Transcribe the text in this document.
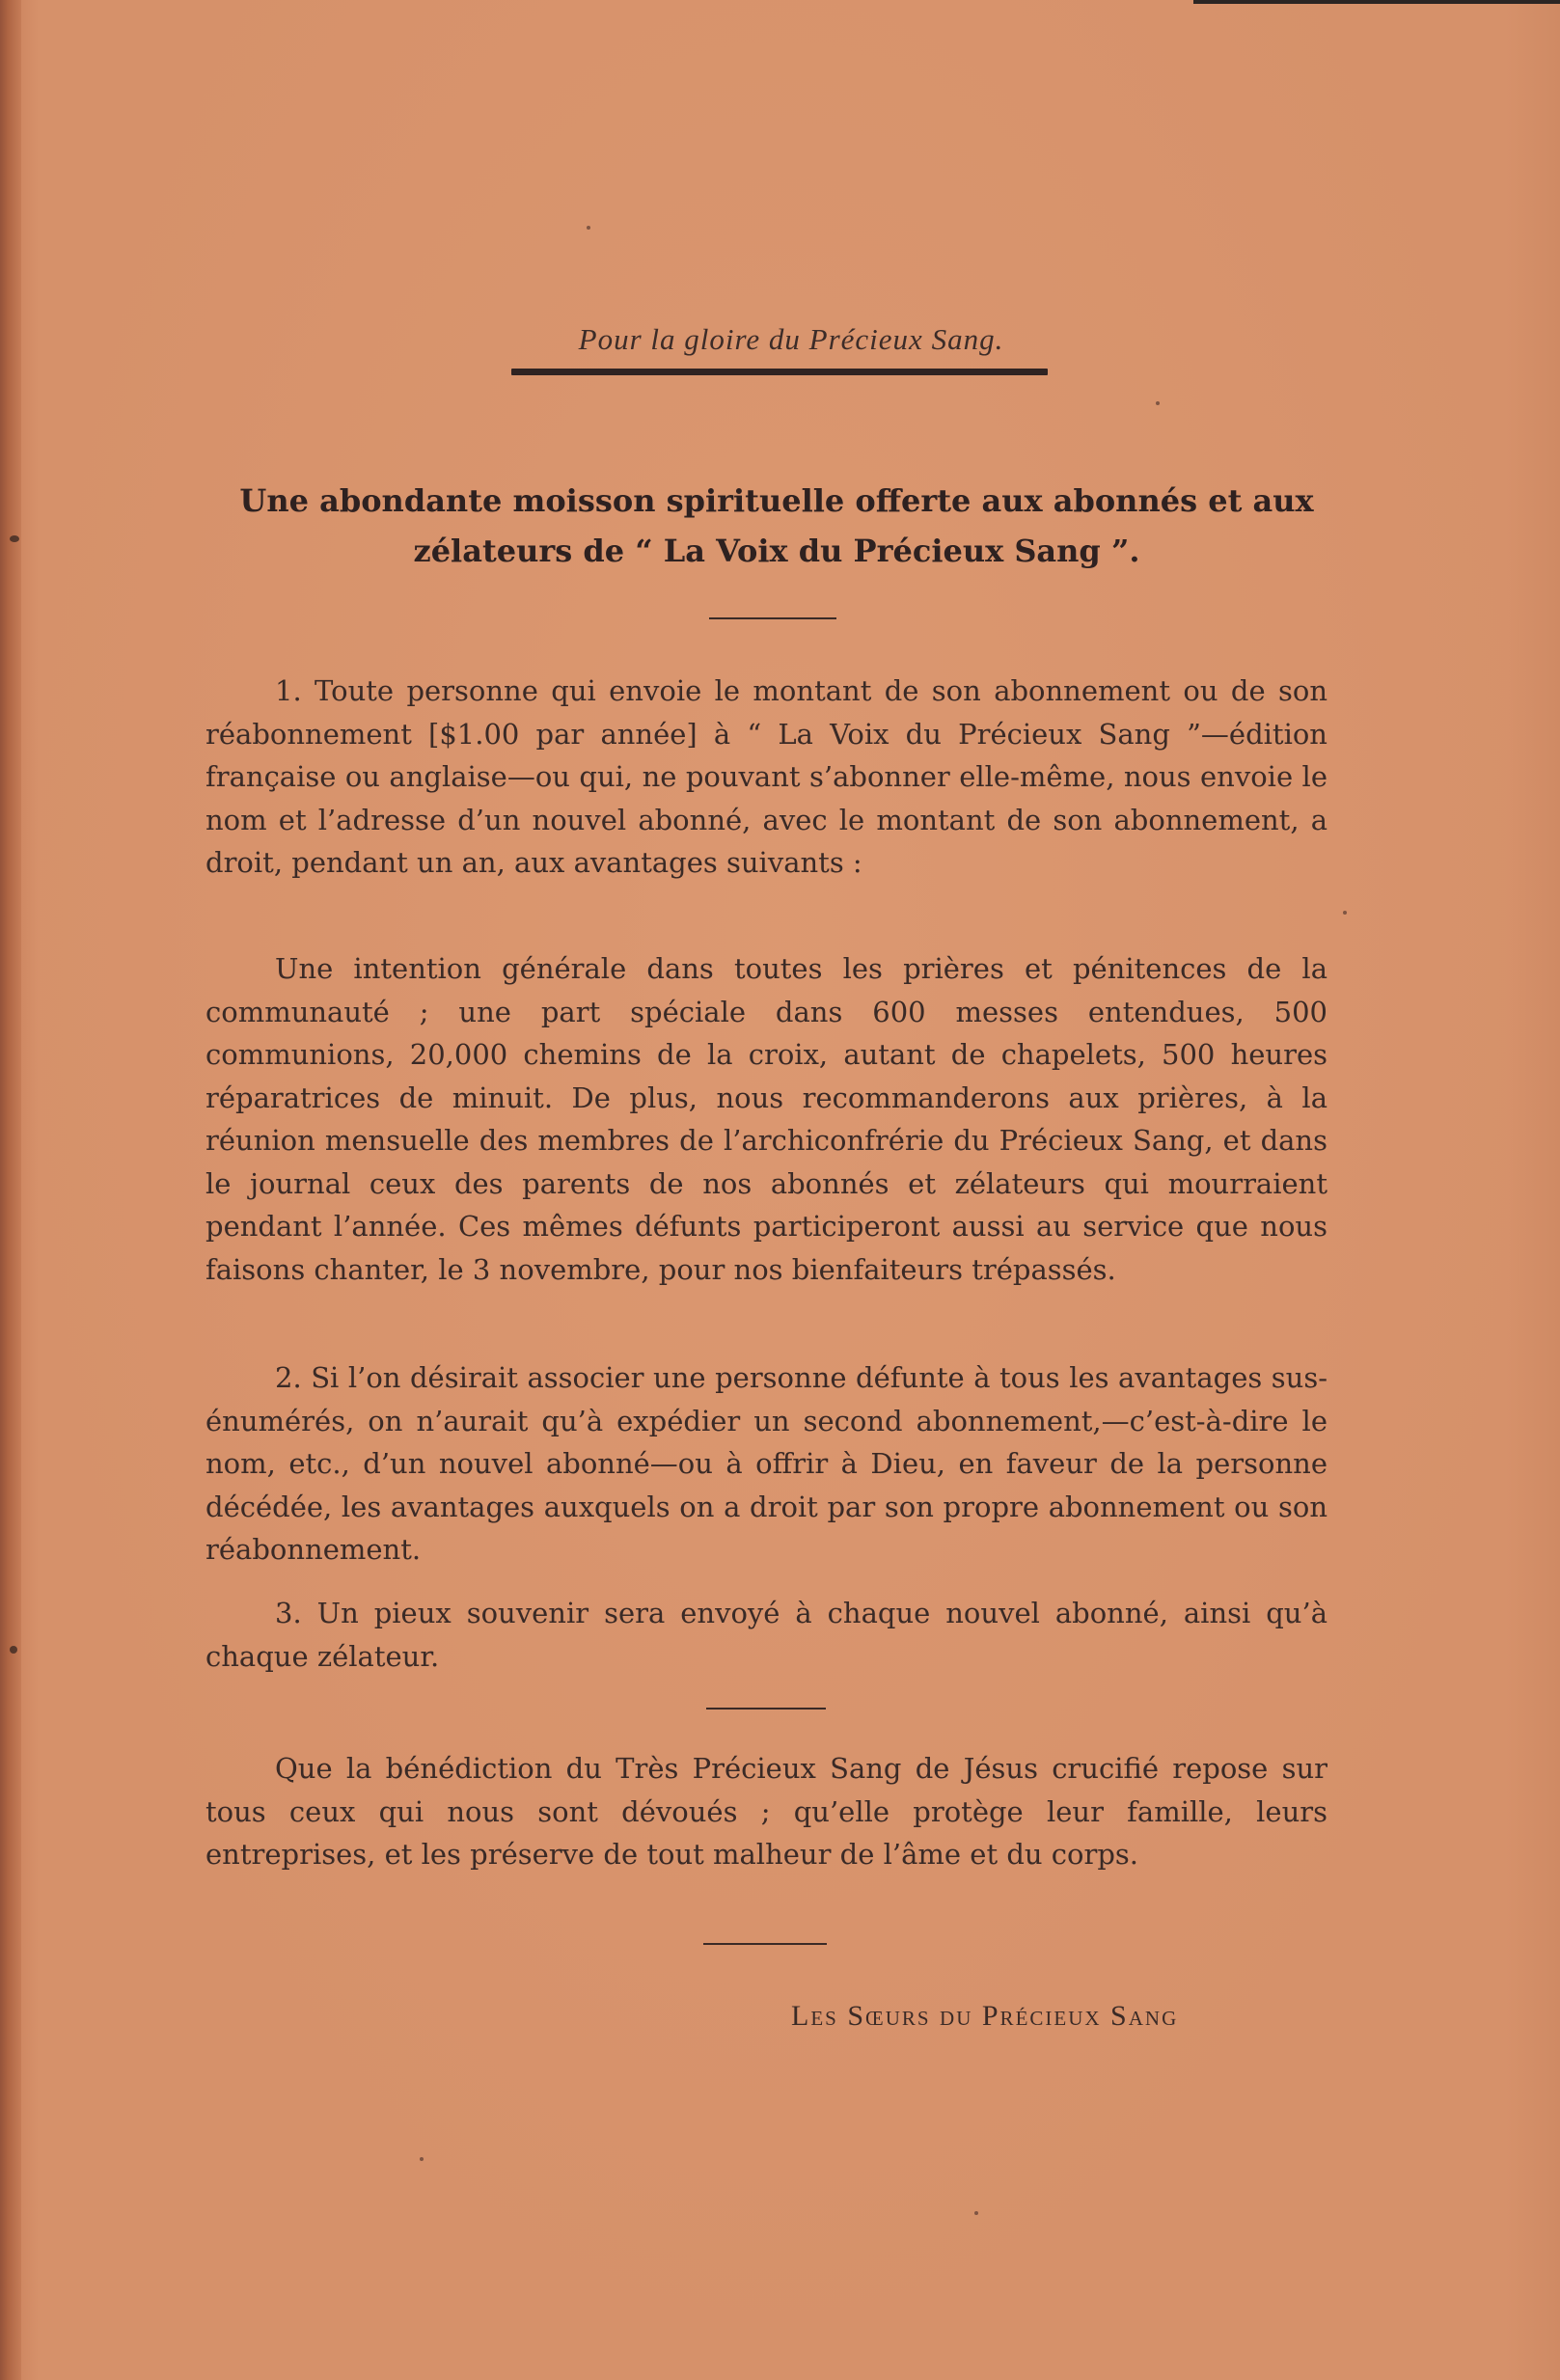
Pour la gloire du Précieux Sang.
Une abondante moisson spirituelle offerte aux abonnés et aux
zélateurs de “ La Voix du Précieux Sang ”.

1. Toute personne qui envoie le montant de son abonnement ou de son réabonnement [$1.00 par année] à “ La Voix du Précieux Sang ”—édition française ou anglaise—ou qui, ne pouvant s’abonner elle-même, nous envoie le nom et l’adresse d’un nouvel abonné, avec le montant de son abonnement, a droit, pendant un an, aux avantages suivants :

Une intention générale dans toutes les prières et pénitences de la communauté ; une part spéciale dans 600 messes entendues, 500 communions, 20,000 chemins de la croix, autant de chapelets, 500 heures réparatrices de minuit. De plus, nous recommanderons aux prières, à la réunion mensuelle des membres de l’archiconfrérie du Précieux Sang, et dans le journal ceux des parents de nos abonnés et zélateurs qui mourraient pendant l’année. Ces mêmes défunts participeront aussi au service que nous faisons chanter, le 3 novembre, pour nos bienfaiteurs trépassés.

2. Si l’on désirait associer une personne défunte à tous les avantages sus-énumérés, on n’aurait qu’à expédier un second abonnement,—c’est-à-dire le nom, etc., d’un nouvel abonné—ou à offrir à Dieu, en faveur de la personne décédée, les avantages auxquels on a droit par son propre abonnement ou son réabonnement.

3. Un pieux souvenir sera envoyé à chaque nouvel abonné, ainsi qu’à chaque zélateur.

Que la bénédiction du Très Précieux Sang de Jésus crucifié repose sur tous ceux qui nous sont dévoués ; qu’elle protège leur famille, leurs entreprises, et les préserve de tout malheur de l’âme et du corps.

Les Sœurs du Précieux Sang
